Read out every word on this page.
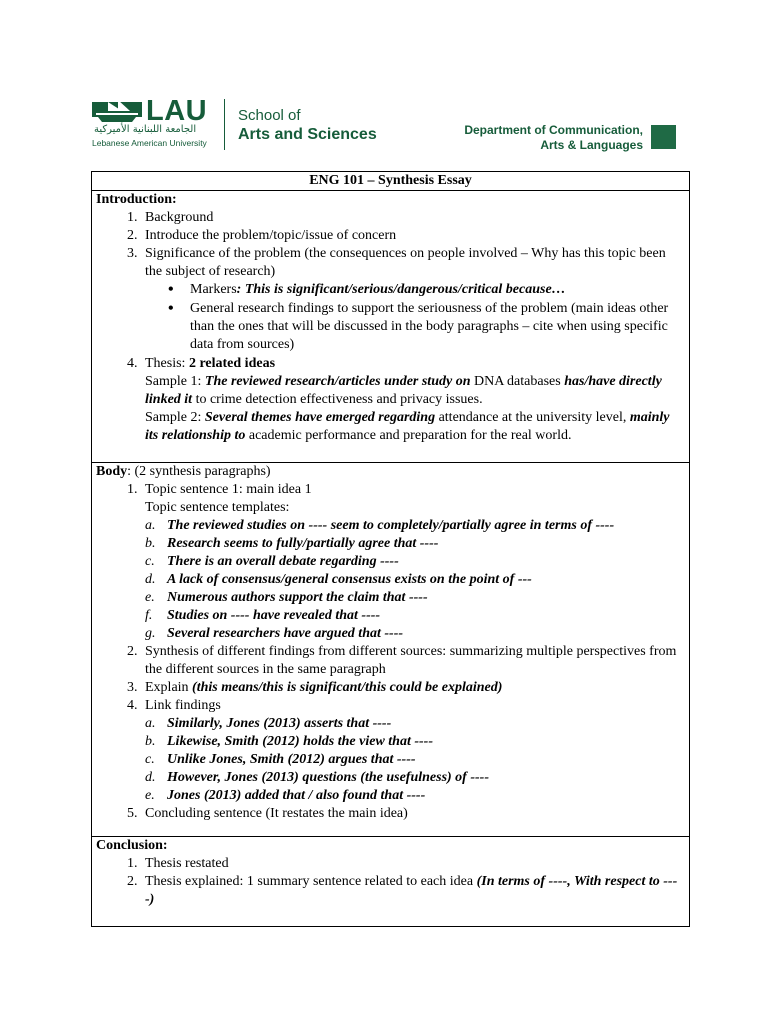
LAU
الجامعة اللبنانية الأميركية
Lebanese American University
School of
Arts and Sciences	Department of Communication,
Arts & Languages
ENG 101 – Synthesis Essay

Introduction:
1. Background
2. Introduce the problem/topic/issue of concern
3. Significance of the problem (the consequences on people involved – Why has this topic been the subject of research)
• Markers: This is significant/serious/dangerous/critical because…
• General research findings to support the seriousness of the problem (main ideas other than the ones that will be discussed in the body paragraphs – cite when using specific data from sources)
4. Thesis: 2 related ideas
Sample 1: The reviewed research/articles under study on DNA databases has/have directly linked it to crime detection effectiveness and privacy issues.
Sample 2: Several themes have emerged regarding attendance at the university level, mainly its relationship to academic performance and preparation for the real world.

Body: (2 synthesis paragraphs)
1. Topic sentence 1: main idea 1
Topic sentence templates:
a. The reviewed studies on ---- seem to completely/partially agree in terms of ----
b. Research seems to fully/partially agree that ----
c. There is an overall debate regarding ----
d. A lack of consensus/general consensus exists on the point of ---
e. Numerous authors support the claim that ----
f. Studies on ---- have revealed that ----
g. Several researchers have argued that ----
2. Synthesis of different findings from different sources: summarizing multiple perspectives from the different sources in the same paragraph
3. Explain (this means/this is significant/this could be explained)
4. Link findings
a. Similarly, Jones (2013) asserts that ----
b. Likewise, Smith (2012) holds the view that ----
c. Unlike Jones, Smith (2012) argues that ----
d. However, Jones (2013) questions (the usefulness) of ----
e. Jones (2013) added that / also found that ----
5. Concluding sentence (It restates the main idea)

Conclusion:
1. Thesis restated
2. Thesis explained: 1 summary sentence related to each idea (In terms of ----, With respect to ----)
